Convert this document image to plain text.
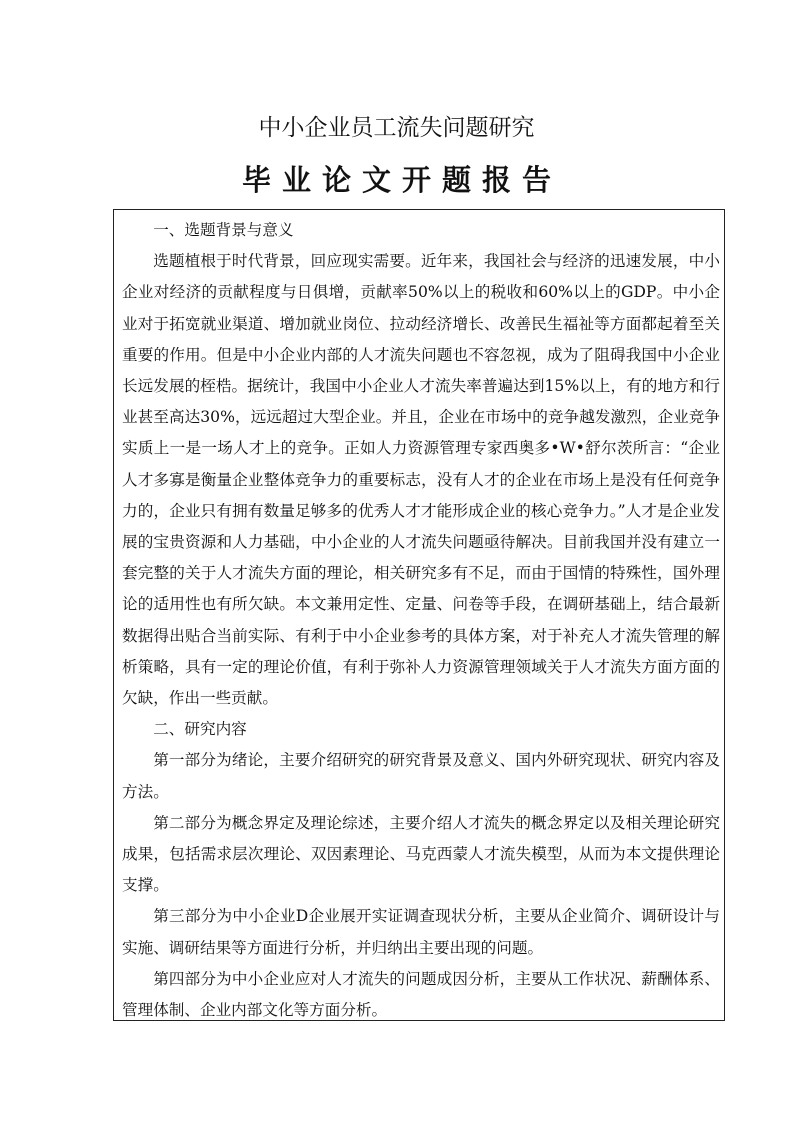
中小企业员工流失问题研究
毕业论文开题报告

一、选题背景与意义

选题植根于时代背景，回应现实需要。近年来，我国社会与经济的迅速发展，中小企业对经济的贡献程度与日俱增，贡献率50%以上的税收和60%以上的GDP。中小企业对于拓宽就业渠道、增加就业岗位、拉动经济增长、改善民生福祉等方面都起着至关重要的作用。但是中小企业内部的人才流失问题也不容忽视，成为了阻碍我国中小企业长远发展的桎梏。据统计，我国中小企业人才流失率普遍达到15%以上，有的地方和行业甚至高达30%，远远超过大型企业。并且，企业在市场中的竞争越发激烈，企业竞争实质上一是一场人才上的竞争。正如人力资源管理专家西奥多•W•舒尔茨所言：“企业人才多寡是衡量企业整体竞争力的重要标志，没有人才的企业在市场上是没有任何竞争力的，企业只有拥有数量足够多的优秀人才才能形成企业的核心竞争力。”人才是企业发展的宝贵资源和人力基础，中小企业的人才流失问题亟待解决。目前我国并没有建立一套完整的关于人才流失方面的理论，相关研究多有不足，而由于国情的特殊性，国外理论的适用性也有所欠缺。本文兼用定性、定量、问卷等手段，在调研基础上，结合最新数据得出贴合当前实际、有利于中小企业参考的具体方案，对于补充人才流失管理的解析策略，具有一定的理论价值，有利于弥补人力资源管理领域关于人才流失方面方面的欠缺，作出一些贡献。

二、研究内容

第一部分为绪论，主要介绍研究的研究背景及意义、国内外研究现状、研究内容及方法。

第二部分为概念界定及理论综述，主要介绍人才流失的概念界定以及相关理论研究成果，包括需求层次理论、双因素理论、马克西蒙人才流失模型，从而为本文提供理论支撑。

第三部分为中小企业D企业展开实证调查现状分析，主要从企业简介、调研设计与实施、调研结果等方面进行分析，并归纳出主要出现的问题。

第四部分为中小企业应对人才流失的问题成因分析，主要从工作状况、薪酬体系、管理体制、企业内部文化等方面分析。
